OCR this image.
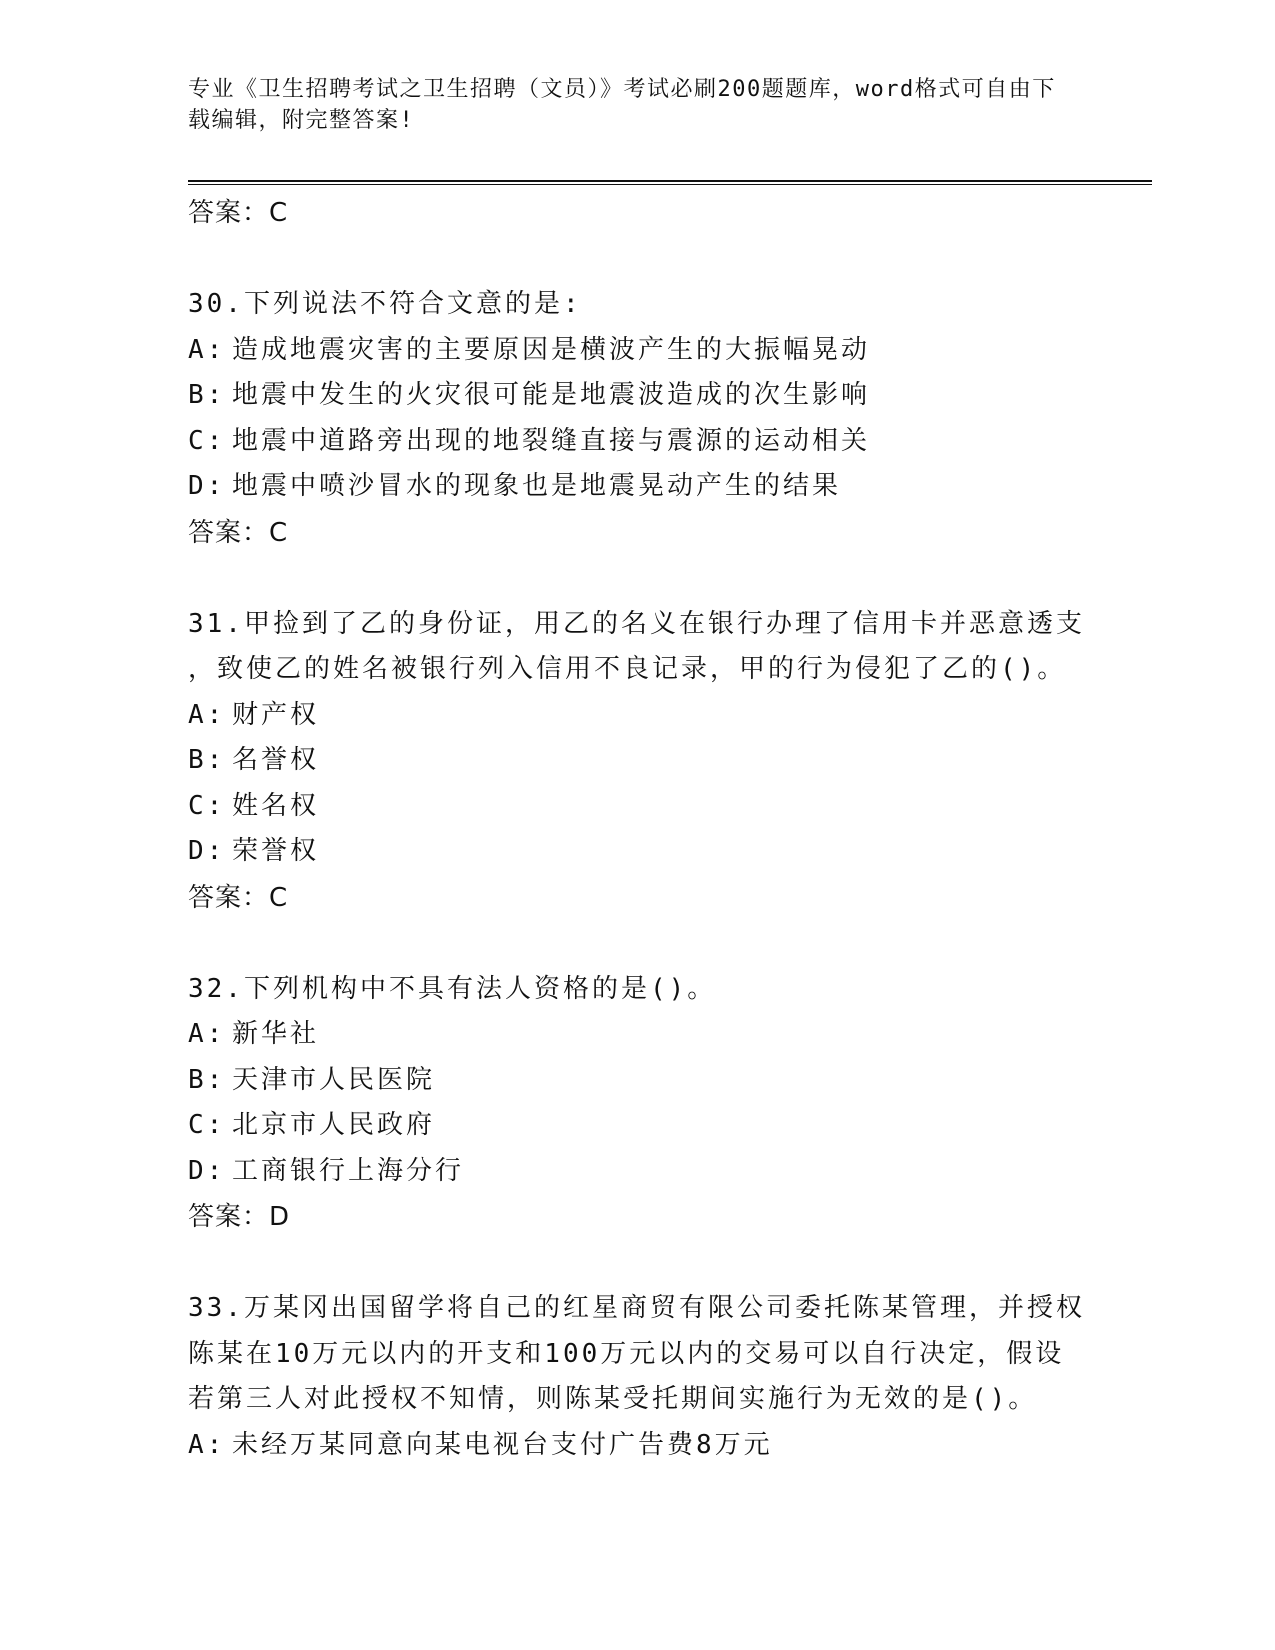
专业《卫生招聘考试之卫生招聘（文员）》考试必刷200题题库，word格式可自由下载编辑，附完整答案!
答案：C
30.下列说法不符合文意的是:
A: 造成地震灾害的主要原因是横波产生的大振幅晃动
B: 地震中发生的火灾很可能是地震波造成的次生影响
C: 地震中道路旁出现的地裂缝直接与震源的运动相关
D: 地震中喷沙冒水的现象也是地震晃动产生的结果
答案：C
31.甲捡到了乙的身份证，用乙的名义在银行办理了信用卡并恶意透支
，致使乙的姓名被银行列入信用不良记录，甲的行为侵犯了乙的()。
A: 财产权
B: 名誉权
C: 姓名权
D: 荣誉权
答案：C
32.下列机构中不具有法人资格的是()。
A: 新华社
B: 天津市人民医院
C: 北京市人民政府
D: 工商银行上海分行
答案：D
33.万某冈出国留学将自己的红星商贸有限公司委托陈某管理，并授权
陈某在10万元以内的开支和100万元以内的交易可以自行决定，假设
若第三人对此授权不知情，则陈某受托期间实施行为无效的是()。
A: 未经万某同意向某电视台支付广告费8万元
